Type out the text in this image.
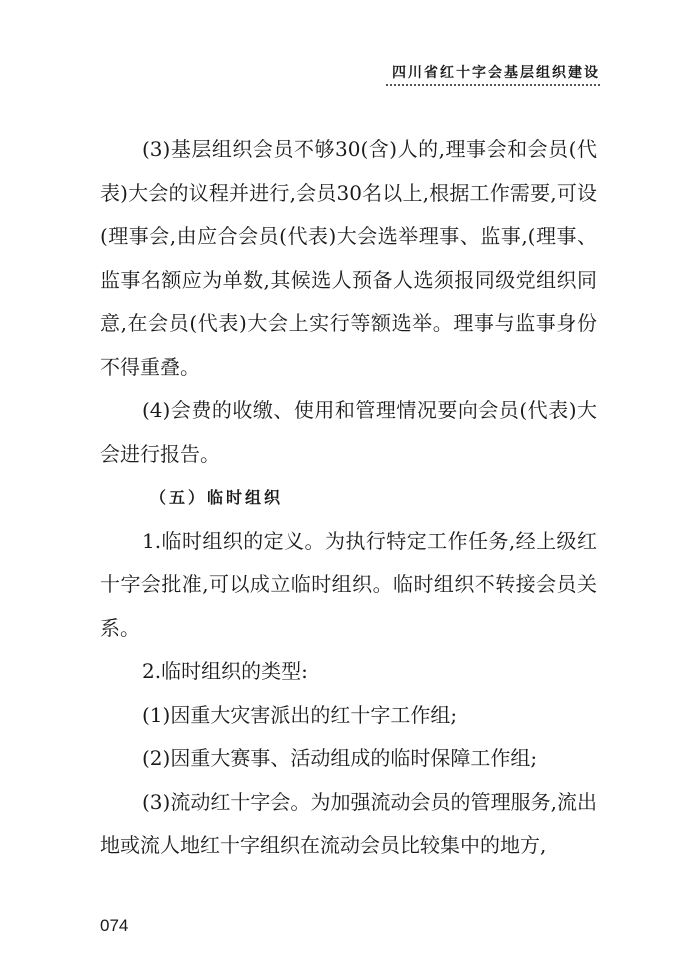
四川省红十字会基层组织建设

(3)基层组织会员不够30(含)人的,理事会和会员(代表)大会的议程并进行,会员30名以上,根据工作需要,可设(理事会,由应合会员(代表)大会选举理事、监事,(理事、监事名额应为单数,其候选人预备人选须报同级党组织同意,在会员(代表)大会上实行等额选举。理事与监事身份不得重叠。

(4)会费的收缴、使用和管理情况要向会员(代表)大会进行报告。

（五）临时组织

1.临时组织的定义。为执行特定工作任务,经上级红十字会批准,可以成立临时组织。临时组织不转接会员关系。

2.临时组织的类型:

(1)因重大灾害派出的红十字工作组;

(2)因重大赛事、活动组成的临时保障工作组;

(3)流动红十字会。为加强流动会员的管理服务,流出地或流人地红十字组织在流动会员比较集中的地方,

074
